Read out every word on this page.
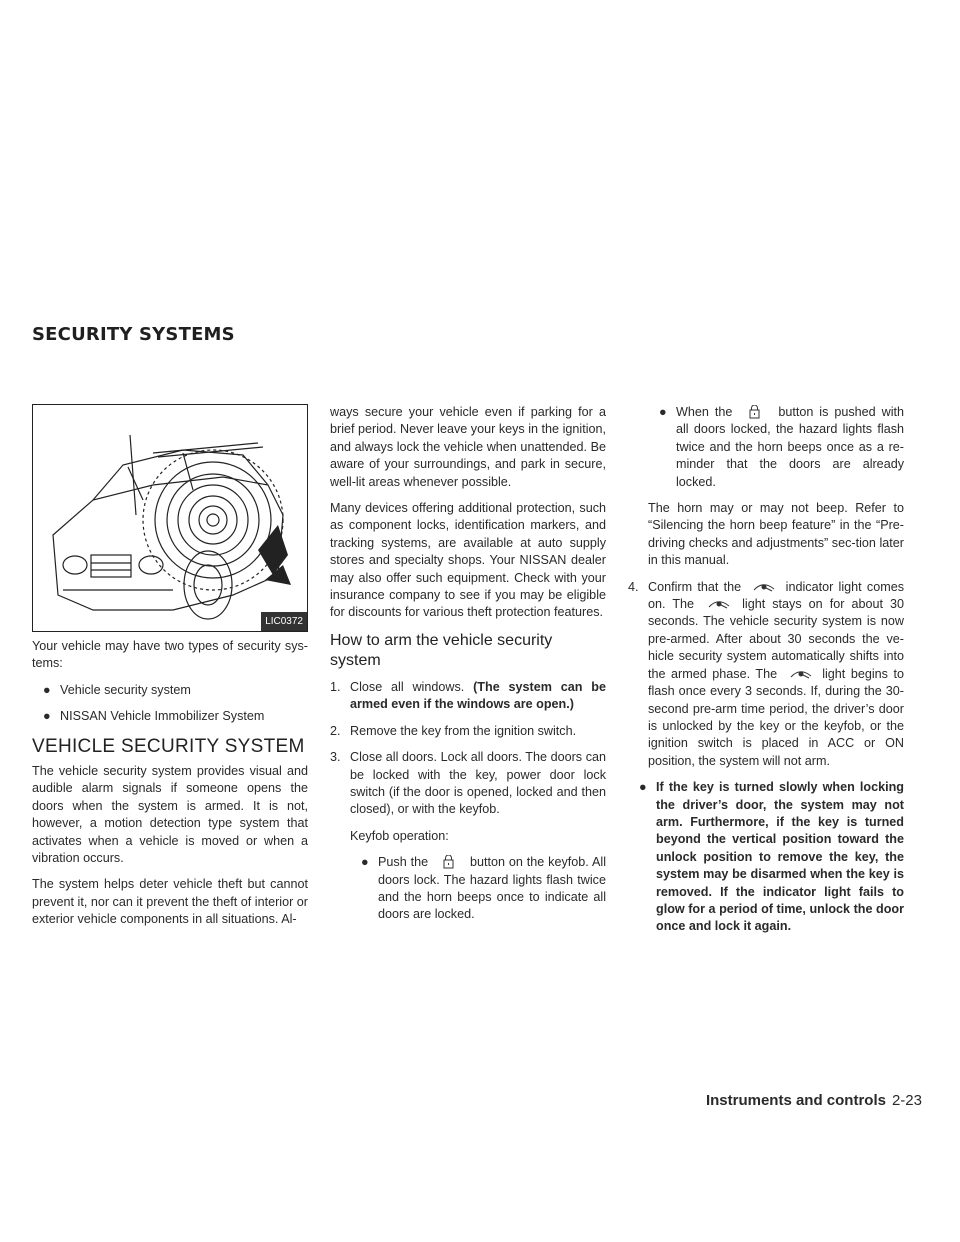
SECURITY SYSTEMS
LIC0372

Your vehicle may have two types of security sys-tems:

● Vehicle security system
● NISSAN Vehicle Immobilizer System
VEHICLE SECURITY SYSTEM

The vehicle security system provides visual and audible alarm signals if someone opens the doors when the system is armed. It is not, however, a motion detection type system that activates when a vehicle is moved or when a vibration occurs.

The system helps deter vehicle theft but cannot prevent it, nor can it prevent the theft of interior or exterior vehicle components in all situations. Al-

ways secure your vehicle even if parking for a brief period. Never leave your keys in the ignition, and always lock the vehicle when unattended. Be aware of your surroundings, and park in secure, well-lit areas whenever possible.

Many devices offering additional protection, such as component locks, identification markers, and tracking systems, are available at auto supply stores and specialty shops. Your NISSAN dealer may also offer such equipment. Check with your insurance company to see if you may be eligible for discounts for various theft protection features.

How to arm the vehicle security system
1. Close all windows. (The system can be armed even if the windows are open.)
2. Remove the key from the ignition switch.
3. Close all doors. Lock all doors. The doors can be locked with the key, power door lock switch (if the door is opened, locked and then closed), or with the keyfob.

Keyfob operation:

● Push the	button on the keyfob. All doors lock. The hazard lights flash twice and the horn beeps once to indicate all doors are locked.
● When the	button is pushed with all doors locked, the hazard lights flash twice and the horn beeps once as a re-minder that the doors are already locked.

The horn may or may not beep. Refer to “Silencing the horn beep feature” in the “Pre-driving checks and adjustments” sec-tion later in this manual.

4. Confirm that the	indicator light comes on. The	light stays on for about 30 seconds. The vehicle security system is now pre-armed. After about 30 seconds the ve-hicle security system automatically shifts into the armed phase. The	light begins to flash once every 3 seconds. If, during the 30-second pre-arm time period, the driver’s door is unlocked by the key or the keyfob, or the ignition switch is placed in ACC or ON position, the system will not arm.
● If the key is turned slowly when locking the driver’s door, the system may not arm. Furthermore, if the key is turned beyond the vertical position toward the unlock position to remove the key, the system may be disarmed when the key is removed. If the indicator light fails to glow for a period of time, unlock the door once and lock it again.
Instruments and controls 2-23
